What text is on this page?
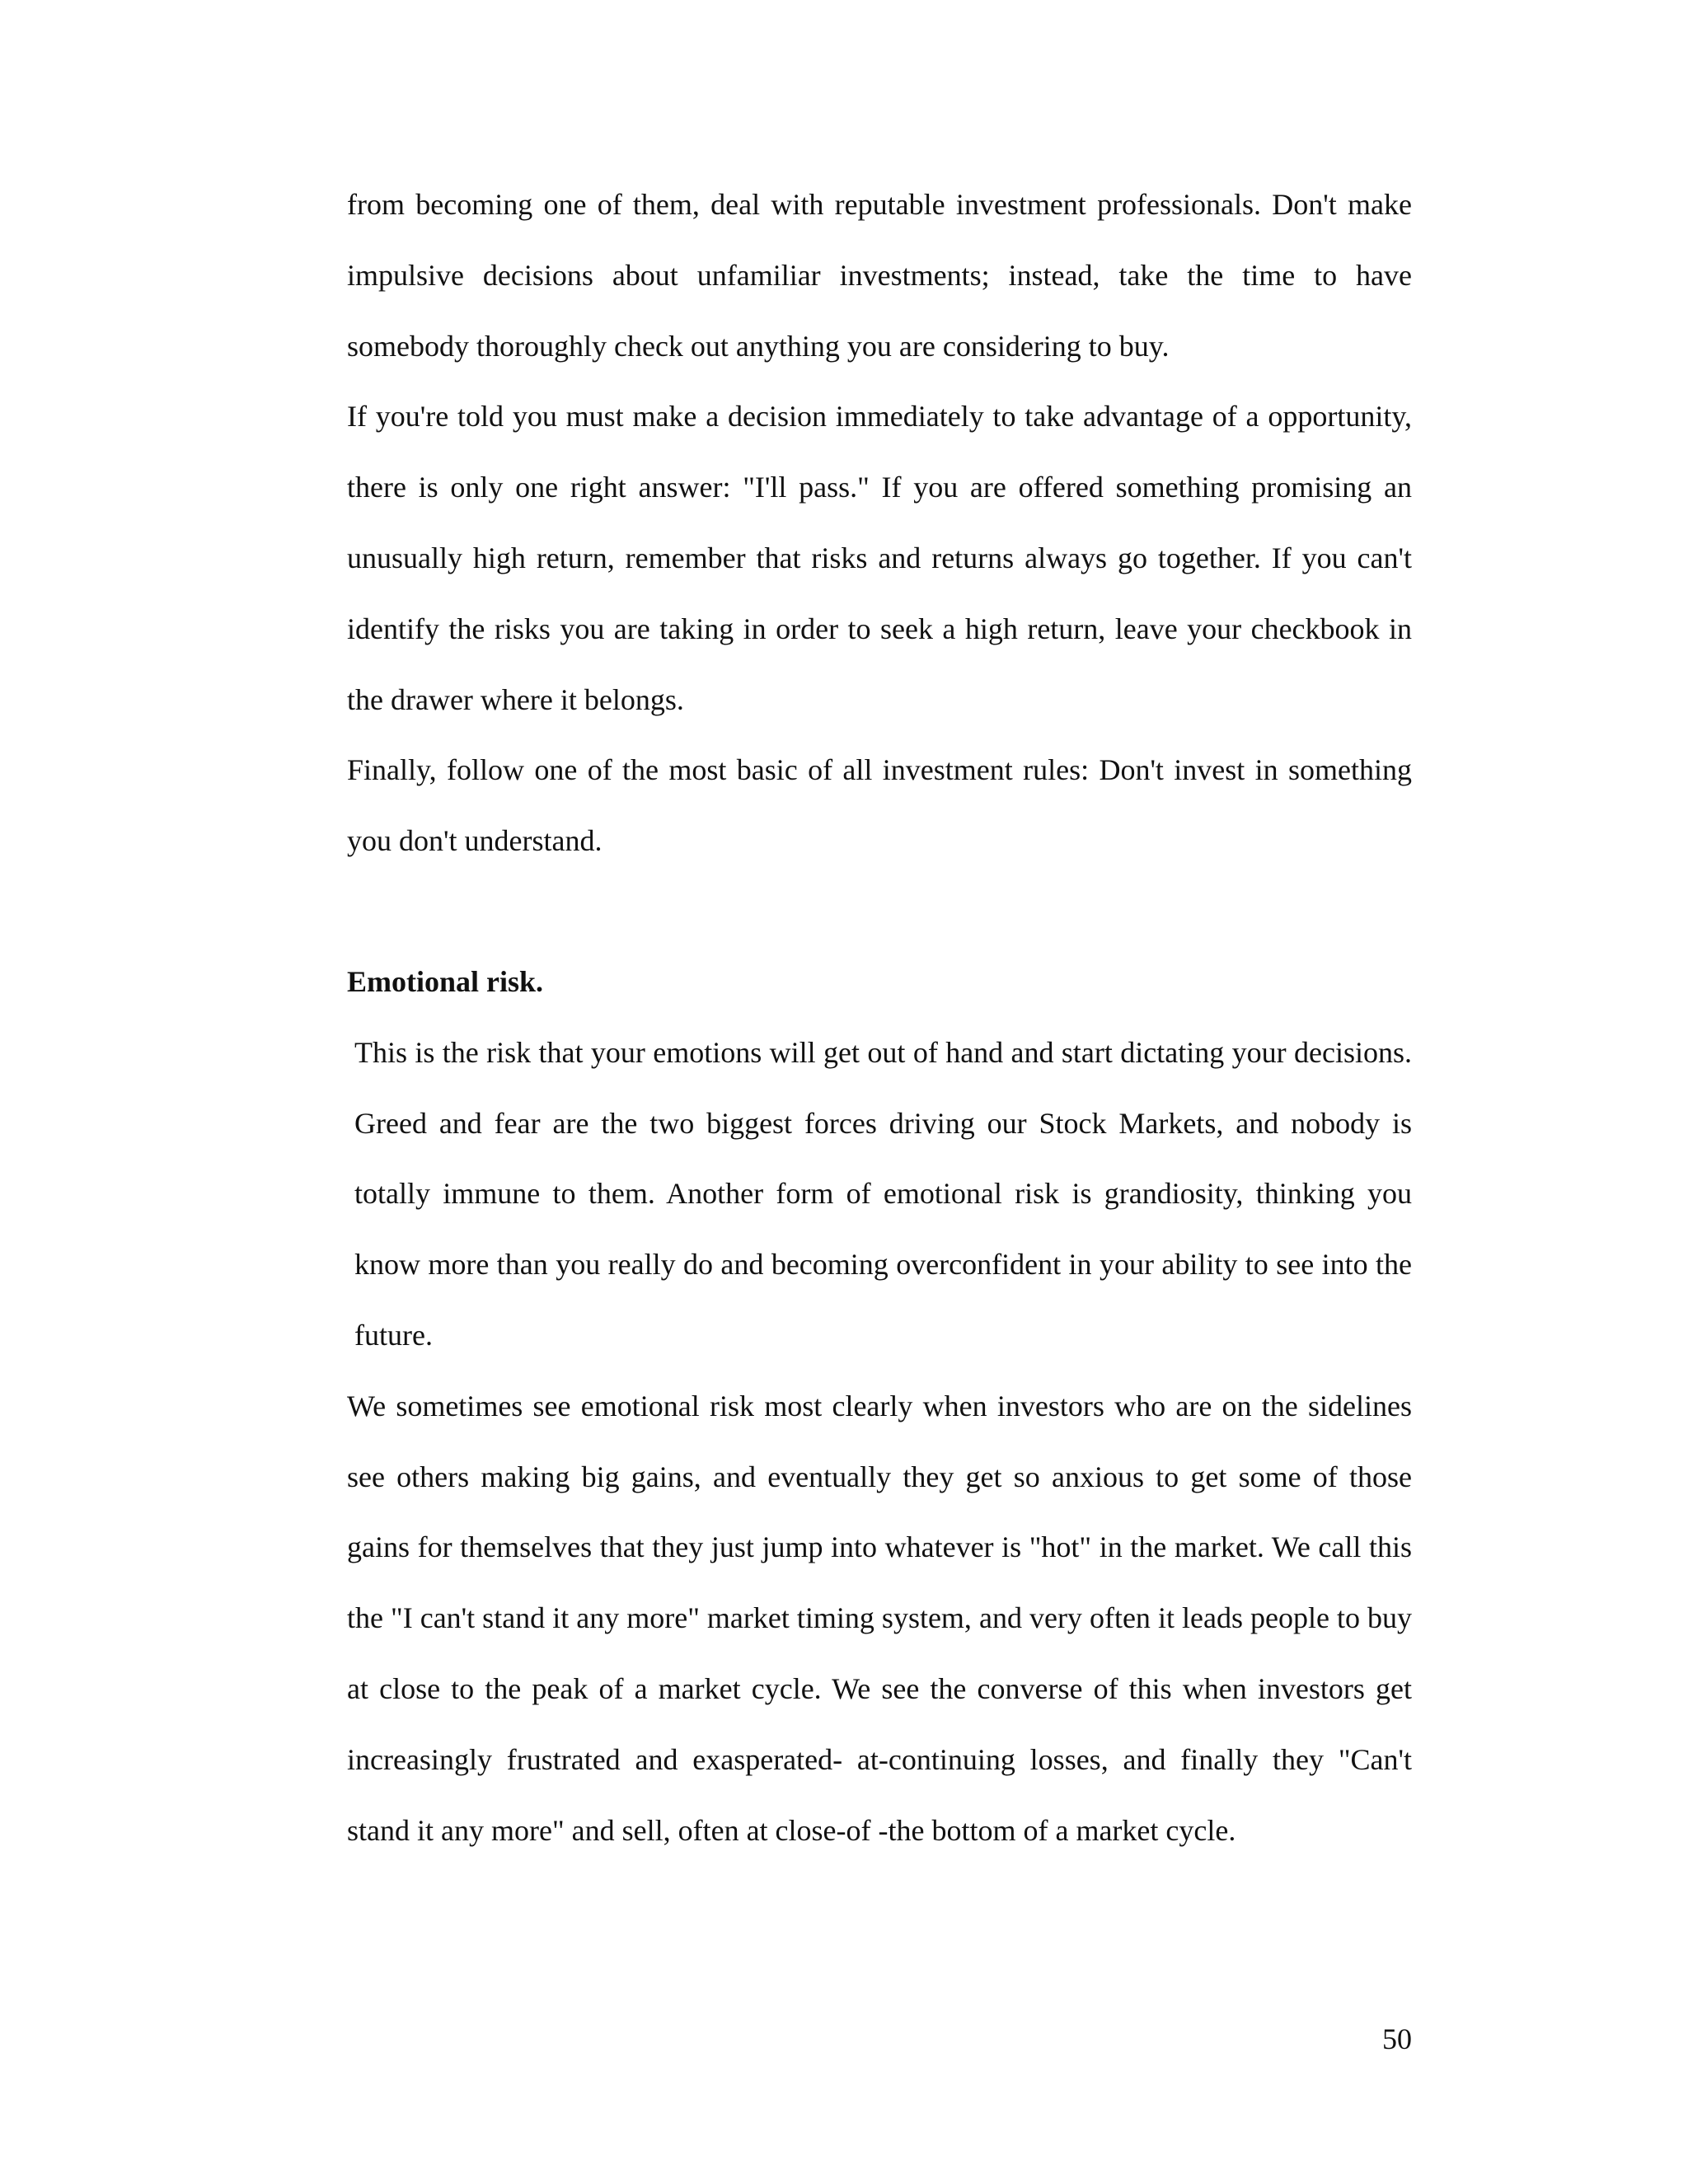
from becoming one of them, deal with reputable investment professionals. Don't make impulsive decisions about unfamiliar investments; instead, take the time to have somebody thoroughly check out anything you are considering to buy.

If you're told you must make a decision immediately to take advantage of a opportunity, there is only one right answer: "I'll pass." If you are offered something promising an unusually high return, remember that risks and returns always go together. If you can't identify the risks you are taking in order to seek a high return, leave your checkbook in the drawer where it belongs.

Finally, follow one of the most basic of all investment rules: Don't invest in something you don't understand.

Emotional risk.

This is the risk that your emotions will get out of hand and start dictating your decisions. Greed and fear are the two biggest forces driving our Stock Markets, and nobody is totally immune to them. Another form of emotional risk is grandiosity, thinking you know more than you really do and becoming overconfident in your ability to see into the future.

We sometimes see emotional risk most clearly when investors who are on the sidelines see others making big gains, and eventually they get so anxious to get some of those gains for themselves that they just jump into whatever is "hot" in the market. We call this the "I can't stand it any more" market timing system, and very often it leads people to buy at close to the peak of a market cycle. We see the converse of this when investors get increasingly frustrated and exasperated- at-continuing losses, and finally they "Can't stand it any more" and sell, often at close-of -the bottom of a market cycle.

50
